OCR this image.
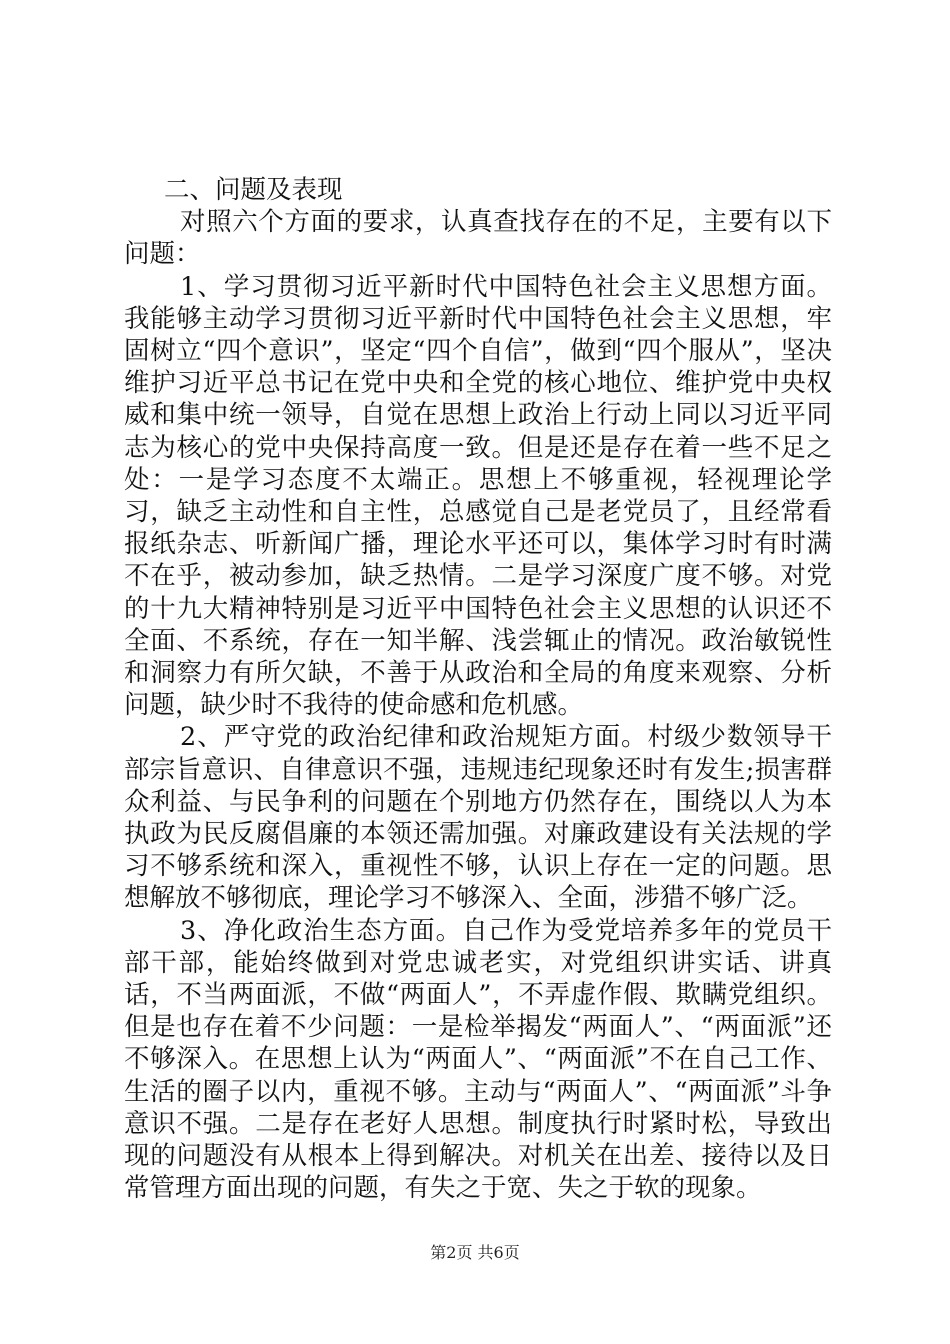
二、问题及表现

对照六个方面的要求，认真查找存在的不足，主要有以下问题：

1、学习贯彻习近平新时代中国特色社会主义思想方面。我能够主动学习贯彻习近平新时代中国特色社会主义思想，牢固树立“四个意识”，坚定“四个自信”，做到“四个服从”，坚决维护习近平总书记在党中央和全党的核心地位、维护党中央权威和集中统一领导，自觉在思想上政治上行动上同以习近平同志为核心的党中央保持高度一致。但是还是存在着一些不足之处：一是学习态度不太端正。思想上不够重视，轻视理论学习，缺乏主动性和自主性，总感觉自己是老党员了，且经常看报纸杂志、听新闻广播，理论水平还可以，集体学习时有时满不在乎，被动参加，缺乏热情。二是学习深度广度不够。对党的十九大精神特别是习近平中国特色社会主义思想的认识还不全面、不系统，存在一知半解、浅尝辄止的情况。政治敏锐性和洞察力有所欠缺，不善于从政治和全局的角度来观察、分析问题，缺少时不我待的使命感和危机感。

2、严守党的政治纪律和政治规矩方面。村级少数领导干部宗旨意识、自律意识不强，违规违纪现象还时有发生;损害群众利益、与民争利的问题在个别地方仍然存在，围绕以人为本执政为民反腐倡廉的本领还需加强。对廉政建设有关法规的学习不够系统和深入，重视性不够，认识上存在一定的问题。思想解放不够彻底，理论学习不够深入、全面，涉猎不够广泛。

3、净化政治生态方面。自己作为受党培养多年的党员干部干部，能始终做到对党忠诚老实，对党组织讲实话、讲真话，不当两面派，不做“两面人”，不弄虚作假、欺瞒党组织。但是也存在着不少问题：一是检举揭发“两面人”、“两面派”还不够深入。在思想上认为“两面人”、“两面派”不在自己工作、生活的圈子以内，重视不够。主动与“两面人”、“两面派”斗争意识不强。二是存在老好人思想。制度执行时紧时松，导致出现的问题没有从根本上得到解决。对机关在出差、接待以及日常管理方面出现的问题，有失之于宽、失之于软的现象。

第2页 共6页
